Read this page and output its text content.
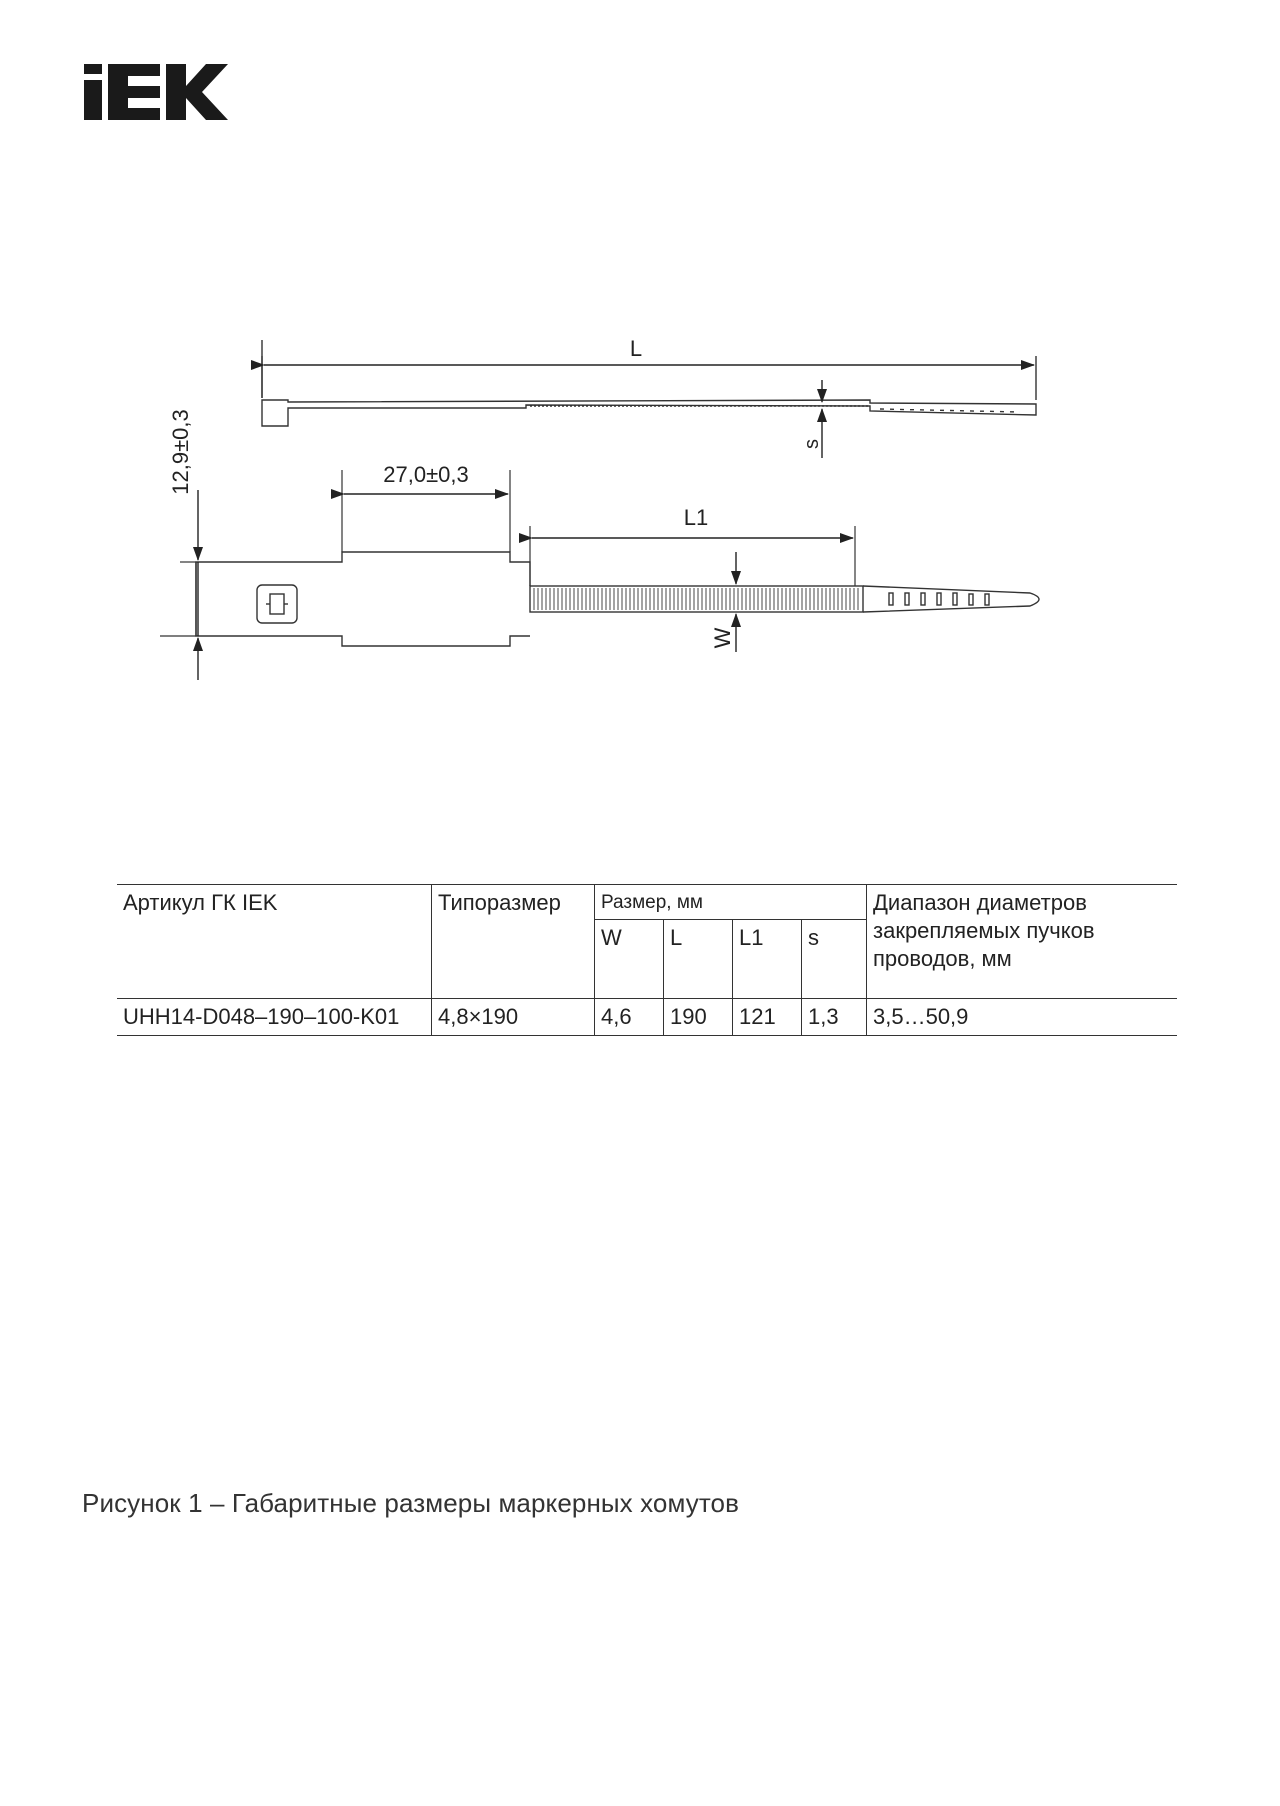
L
s
27,0±0,3
L1
W
12,9±0,3
Артикул ГК IEK	Типоразмер	Размер, мм				Диапазон диаметров закрепляемых пучков проводов, мм
		W	L	L1	s	
UHH14-D048–190–100-K01	4,8×190	4,6	190	121	1,3	3,5…50,9
Рисунок 1 – Габаритные размеры маркерных хомутов
